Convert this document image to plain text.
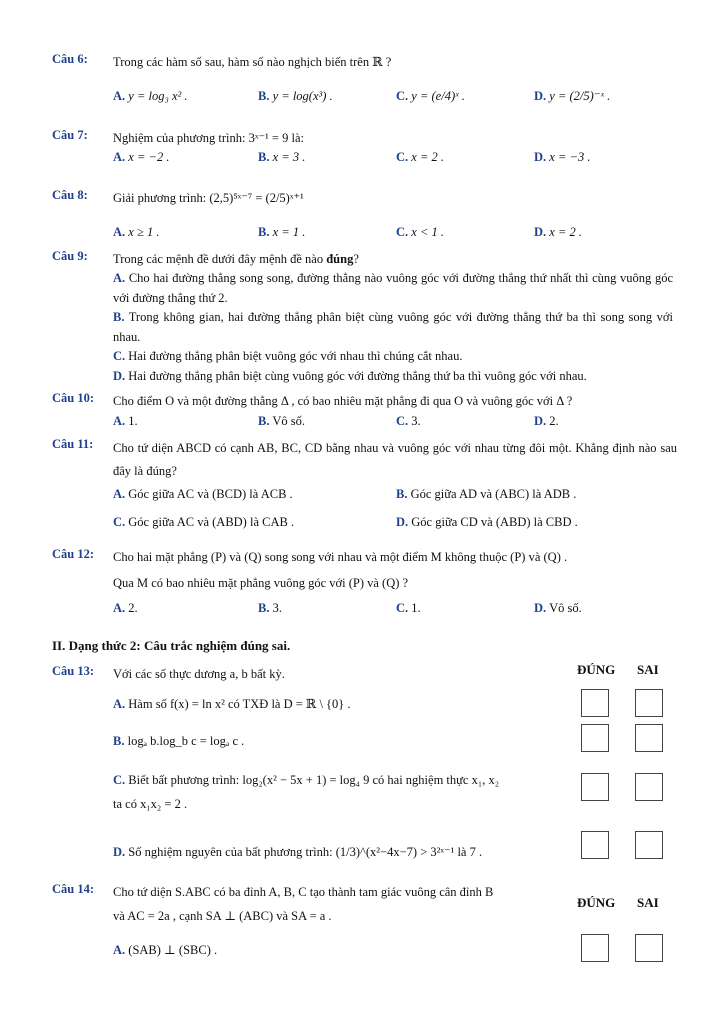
Câu 6: Trong các hàm số sau, hàm số nào nghịch biến trên ℝ ?
A. y = log₃ x² .	B. y = log(x³) .	C. y = (e/4)ˣ .	D. y = (2/5)⁻ˣ .
Câu 7: Nghiệm của phương trình: 3ˣ⁻¹ = 9 là:
A. x = −2 .	B. x = 3 .	C. x = 2 .	D. x = −3 .
Câu 8: Giải phương trình: (2,5)⁵ˣ⁻⁷ = (2/5)ˣ⁺¹
A. x ≥ 1 .	B. x = 1 .	C. x < 1 .	D. x = 2 .
Câu 9: Trong các mệnh đề dưới đây mệnh đề nào đúng?
A. Cho hai đường thẳng song song, đường thẳng nào vuông góc với đường thẳng thứ nhất thì cùng vuông góc với đường thẳng thứ 2.
B. Trong không gian, hai đường thẳng phân biệt cùng vuông góc với đường thẳng thứ ba thì song song với nhau.
C. Hai đường thẳng phân biệt vuông góc với nhau thì chúng cắt nhau.
D. Hai đường thẳng phân biệt cùng vuông góc với đường thẳng thứ ba thì vuông góc với nhau.
Câu 10: Cho điểm O và một đường thẳng Δ , có bao nhiêu mặt phẳng đi qua O và vuông góc với Δ ?
A. 1.	B. Vô số.	C. 3.	D. 2.
Câu 11: Cho tứ diện ABCD có cạnh AB, BC, CD bằng nhau và vuông góc với nhau từng đôi một. Khẳng định nào sau đây là đúng?
A. Góc giữa AC và (BCD) là ACB .	B. Góc giữa AD và (ABC) là ADB .
C. Góc giữa AC và (ABD) là CAB .	D. Góc giữa CD và (ABD) là CBD .
Câu 12: Cho hai mặt phẳng (P) và (Q) song song với nhau và một điểm M không thuộc (P) và (Q) .
Qua M có bao nhiêu mặt phẳng vuông góc với (P) và (Q) ?
A. 2.	B. 3.	C. 1.	D. Vô số.
II. Dạng thức 2: Câu trắc nghiệm đúng sai.
ĐÚNG SAI
Câu 13: Với các số thực dương a, b bất kỳ.
A. Hàm số f(x) = ln x² có TXĐ là D = ℝ \ {0} .
B. logₐ b.log_b c = logₐ c .
C. Biết bất phương trình: log₂(x² − 5x + 1) = log₄ 9 có hai nghiệm thực x₁, x₂
ta có x₁x₂ = 2 .
D. Số nghiệm nguyên của bất phương trình: (1/3)^(x²−4x−7) > 3²ˣ⁻¹ là 7 .
Câu 14: Cho tứ diện S.ABC có ba đỉnh A, B, C tạo thành tam giác vuông cân đỉnh B
và AC = 2a , cạnh SA ⊥ (ABC) và SA = a .
ĐÚNG SAI
A. (SAB) ⊥ (SBC) .
